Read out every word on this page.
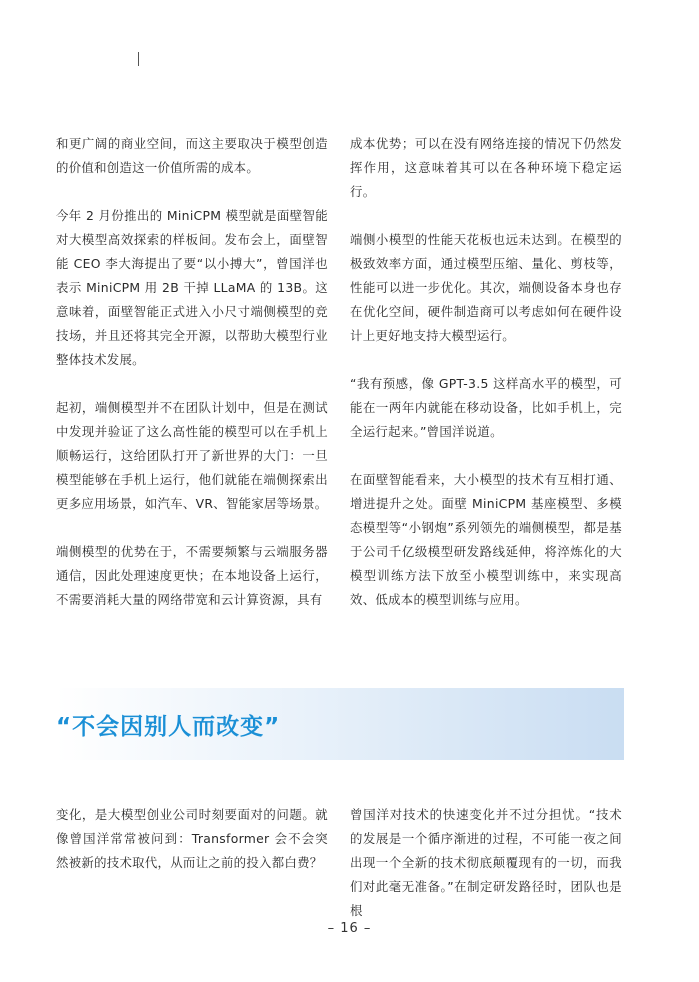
和更广阔的商业空间，而这主要取决于模型创造的价值和创造这一价值所需的成本。

今年 2 月份推出的 MiniCPM 模型就是面壁智能对大模型高效探索的样板间。发布会上，面壁智能 CEO 李大海提出了要“以小搏大”，曾国洋也表示 MiniCPM 用 2B 干掉 LLaMA 的 13B。这意味着，面壁智能正式进入小尺寸端侧模型的竞技场，并且还将其完全开源，以帮助大模型行业整体技术发展。

起初，端侧模型并不在团队计划中，但是在测试中发现并验证了这么高性能的模型可以在手机上顺畅运行，这给团队打开了新世界的大门：一旦模型能够在手机上运行，他们就能在端侧探索出更多应用场景，如汽车、VR、智能家居等场景。

端侧模型的优势在于，不需要频繁与云端服务器通信，因此处理速度更快；在本地设备上运行，不需要消耗大量的网络带宽和云计算资源，具有

成本优势；可以在没有网络连接的情况下仍然发挥作用，这意味着其可以在各种环境下稳定运行。

端侧小模型的性能天花板也远未达到。在模型的极致效率方面，通过模型压缩、量化、剪枝等，性能可以进一步优化。其次，端侧设备本身也存在优化空间，硬件制造商可以考虑如何在硬件设计上更好地支持大模型运行。

“我有预感，像 GPT-3.5 这样高水平的模型，可能在一两年内就能在移动设备，比如手机上，完全运行起来。”曾国洋说道。

在面壁智能看来，大小模型的技术有互相打通、增进提升之处。面壁 MiniCPM 基座模型、多模态模型等“小钢炮”系列领先的端侧模型，都是基于公司千亿级模型研发路线延伸，将淬炼化的大模型训练方法下放至小模型训练中，来实现高效、低成本的模型训练与应用。

“不会因别人而改变”

变化，是大模型创业公司时刻要面对的问题。就像曾国洋常常被问到：Transformer 会不会突然被新的技术取代，从而让之前的投入都白费？

曾国洋对技术的快速变化并不过分担忧。“技术的发展是一个循序渐进的过程，不可能一夜之间出现一个全新的技术彻底颠覆现有的一切，而我们对此毫无准备。”在制定研发路径时，团队也是根

– 16 –
